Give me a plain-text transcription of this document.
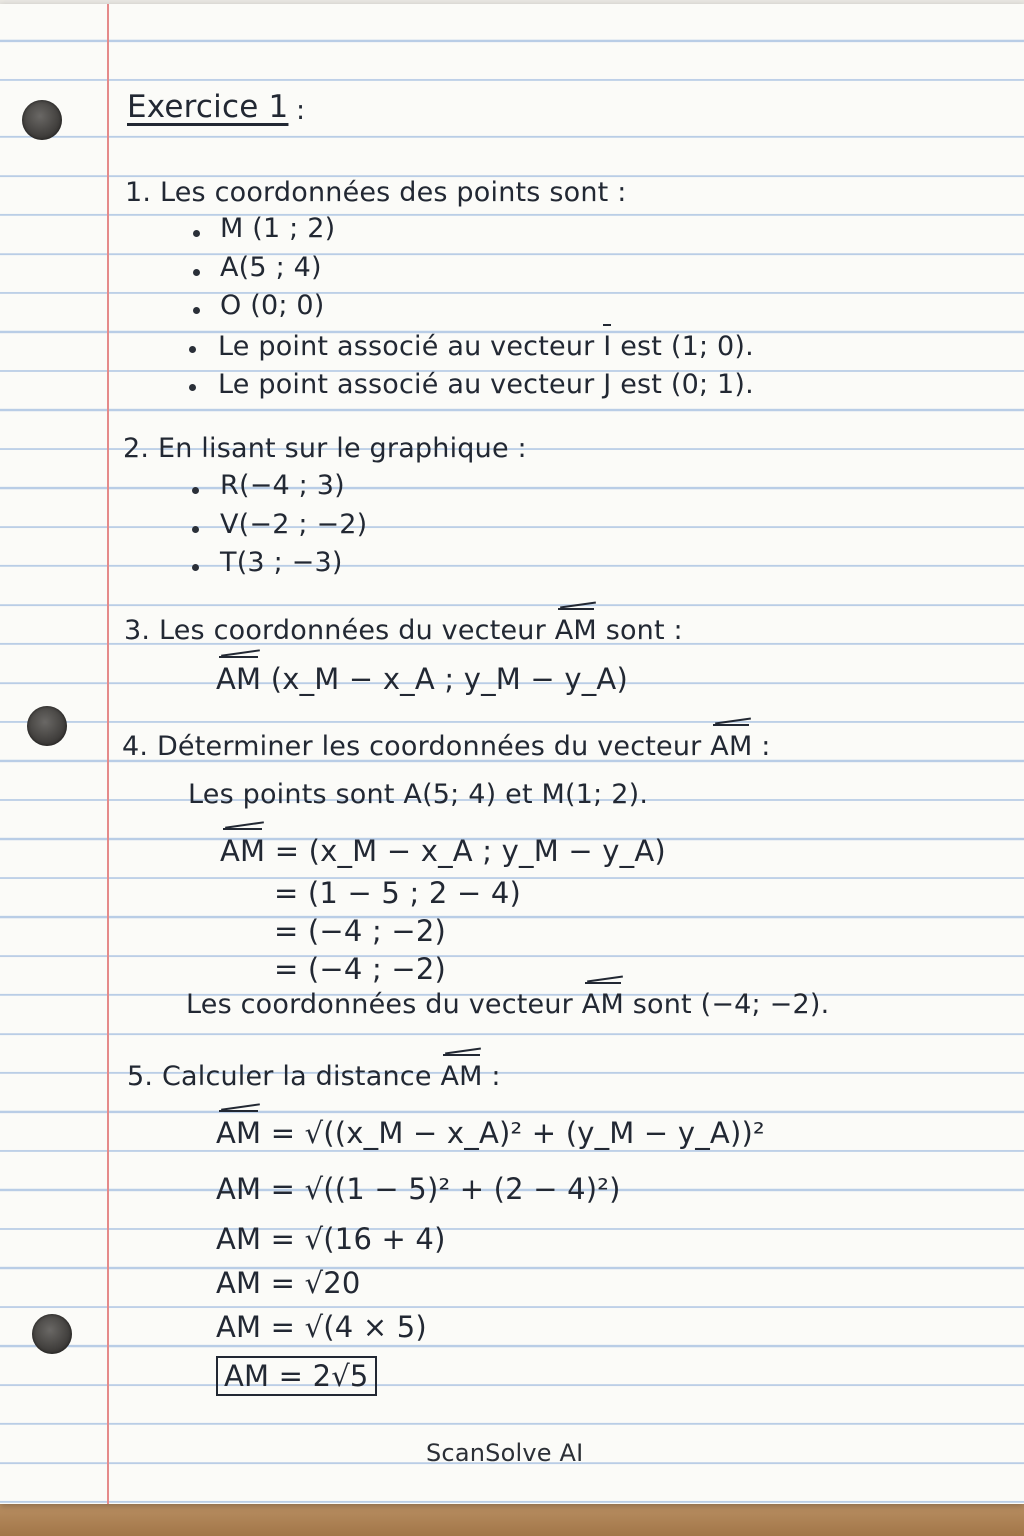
Exercice 1 :
1. Les coordonnées des points sont :
M (1 ; 2)
A(5 ; 4)
O (0; 0)
Le point associé au vecteur I est (1; 0).
Le point associé au vecteur J est (0; 1).
2. En lisant sur le graphique :
R(−4 ; 3)
V(−2 ; −2)
T(3 ; −3)
3. Les coordonnées du vecteur AM sont :
AM (x_M − x_A ; y_M − y_A)
4. Déterminer les coordonnées du vecteur AM :
Les points sont A(5; 4) et M(1; 2).
AM = (x_M − x_A ; y_M − y_A)
= (1 − 5 ; 2 − 4)
= (−4 ; −2)
= (−4 ; −2)
Les coordonnées du vecteur AM sont (−4; −2).
5. Calculer la distance AM :
AM = √((x_M − x_A)² + (y_M − y_A))²
AM = √((1 − 5)² + (2 − 4)²)
AM = √(16 + 4)
AM = √20
AM = √(4 × 5)
AM = 2√5
ScanSolve AI
